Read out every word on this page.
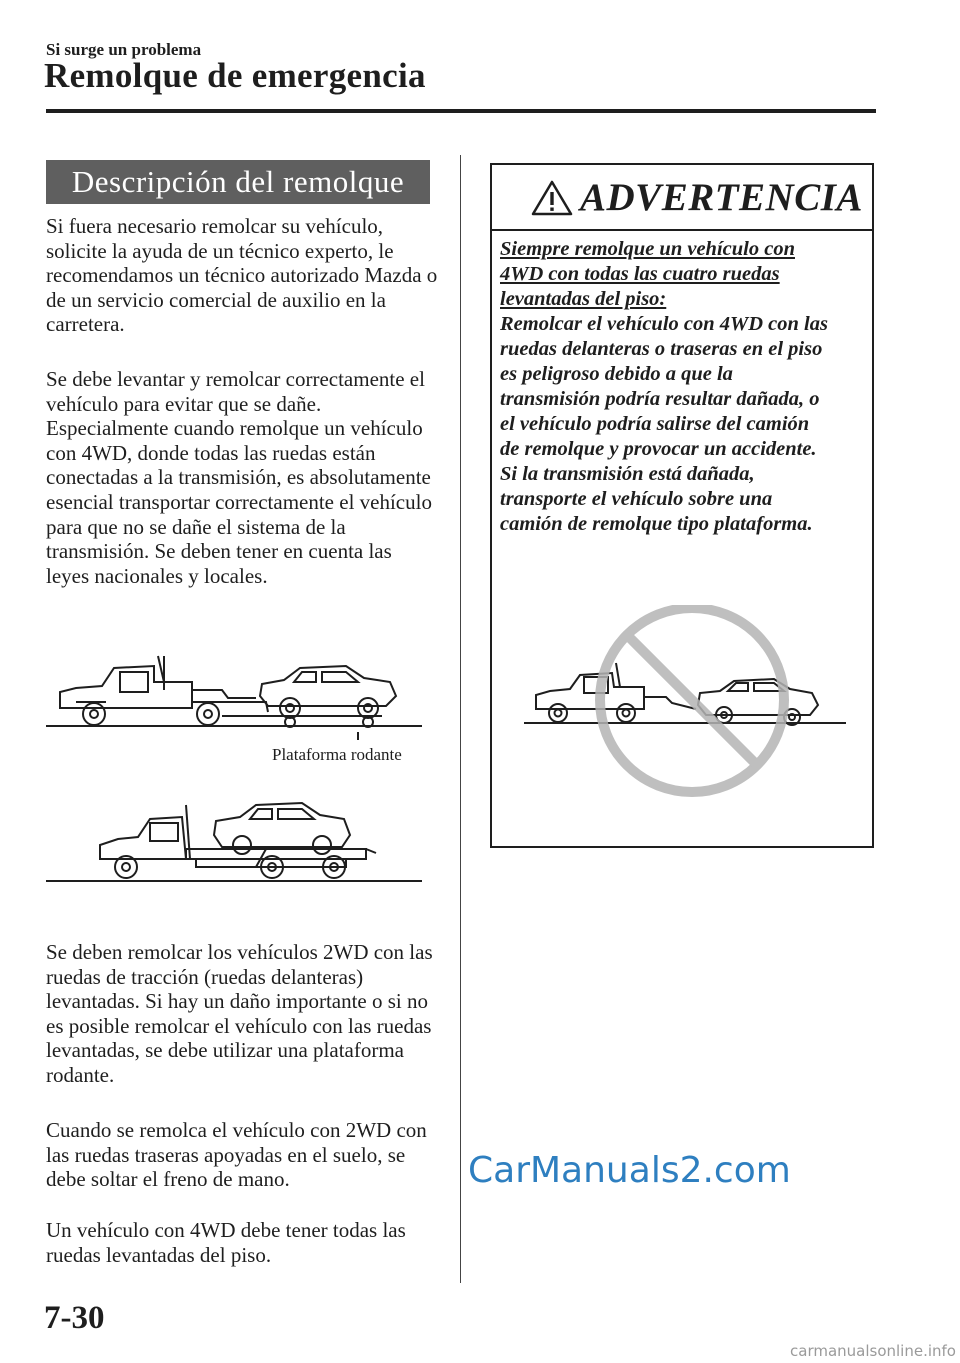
Si surge un problema
Remolque de emergencia
Descripción del remolque

Si fuera necesario remolcar su vehículo, solicite la ayuda de un técnico experto, le recomendamos un técnico autorizado Mazda o de un servicio comercial de auxilio en la carretera.

Se debe levantar y remolcar correctamente el vehículo para evitar que se dañe. Especialmente cuando remolque un vehículo con 4WD, donde todas las ruedas están conectadas a la transmisión, es absolutamente esencial transportar correctamente el vehículo para que no se dañe el sistema de la transmisión. Se deben tener en cuenta las leyes nacionales y locales.

Plataforma rodante

Se deben remolcar los vehículos 2WD con las ruedas de tracción (ruedas delanteras) levantadas. Si hay un daño importante o si no es posible remolcar el vehículo con las ruedas levantadas, se debe utilizar una plataforma rodante.

Cuando se remolca el vehículo con 2WD con las ruedas traseras apoyadas en el suelo, se debe soltar el freno de mano.

Un vehículo con 4WD debe tener todas las ruedas levantadas del piso.

ADVERTENCIA
Siempre remolque un vehículo con
4WD con todas las cuatro ruedas
levantadas del piso:
Remolcar el vehículo con 4WD con las
ruedas delanteras o traseras en el piso
es peligroso debido a que la
transmisión podría resultar dañada, o
el vehículo podría salirse del camión
de remolque y provocar un accidente.
Si la transmisión está dañada,
transporte el vehículo sobre una
camión de remolque tipo plataforma.
CarManuals2.com
7-30
carmanualsonline.info
